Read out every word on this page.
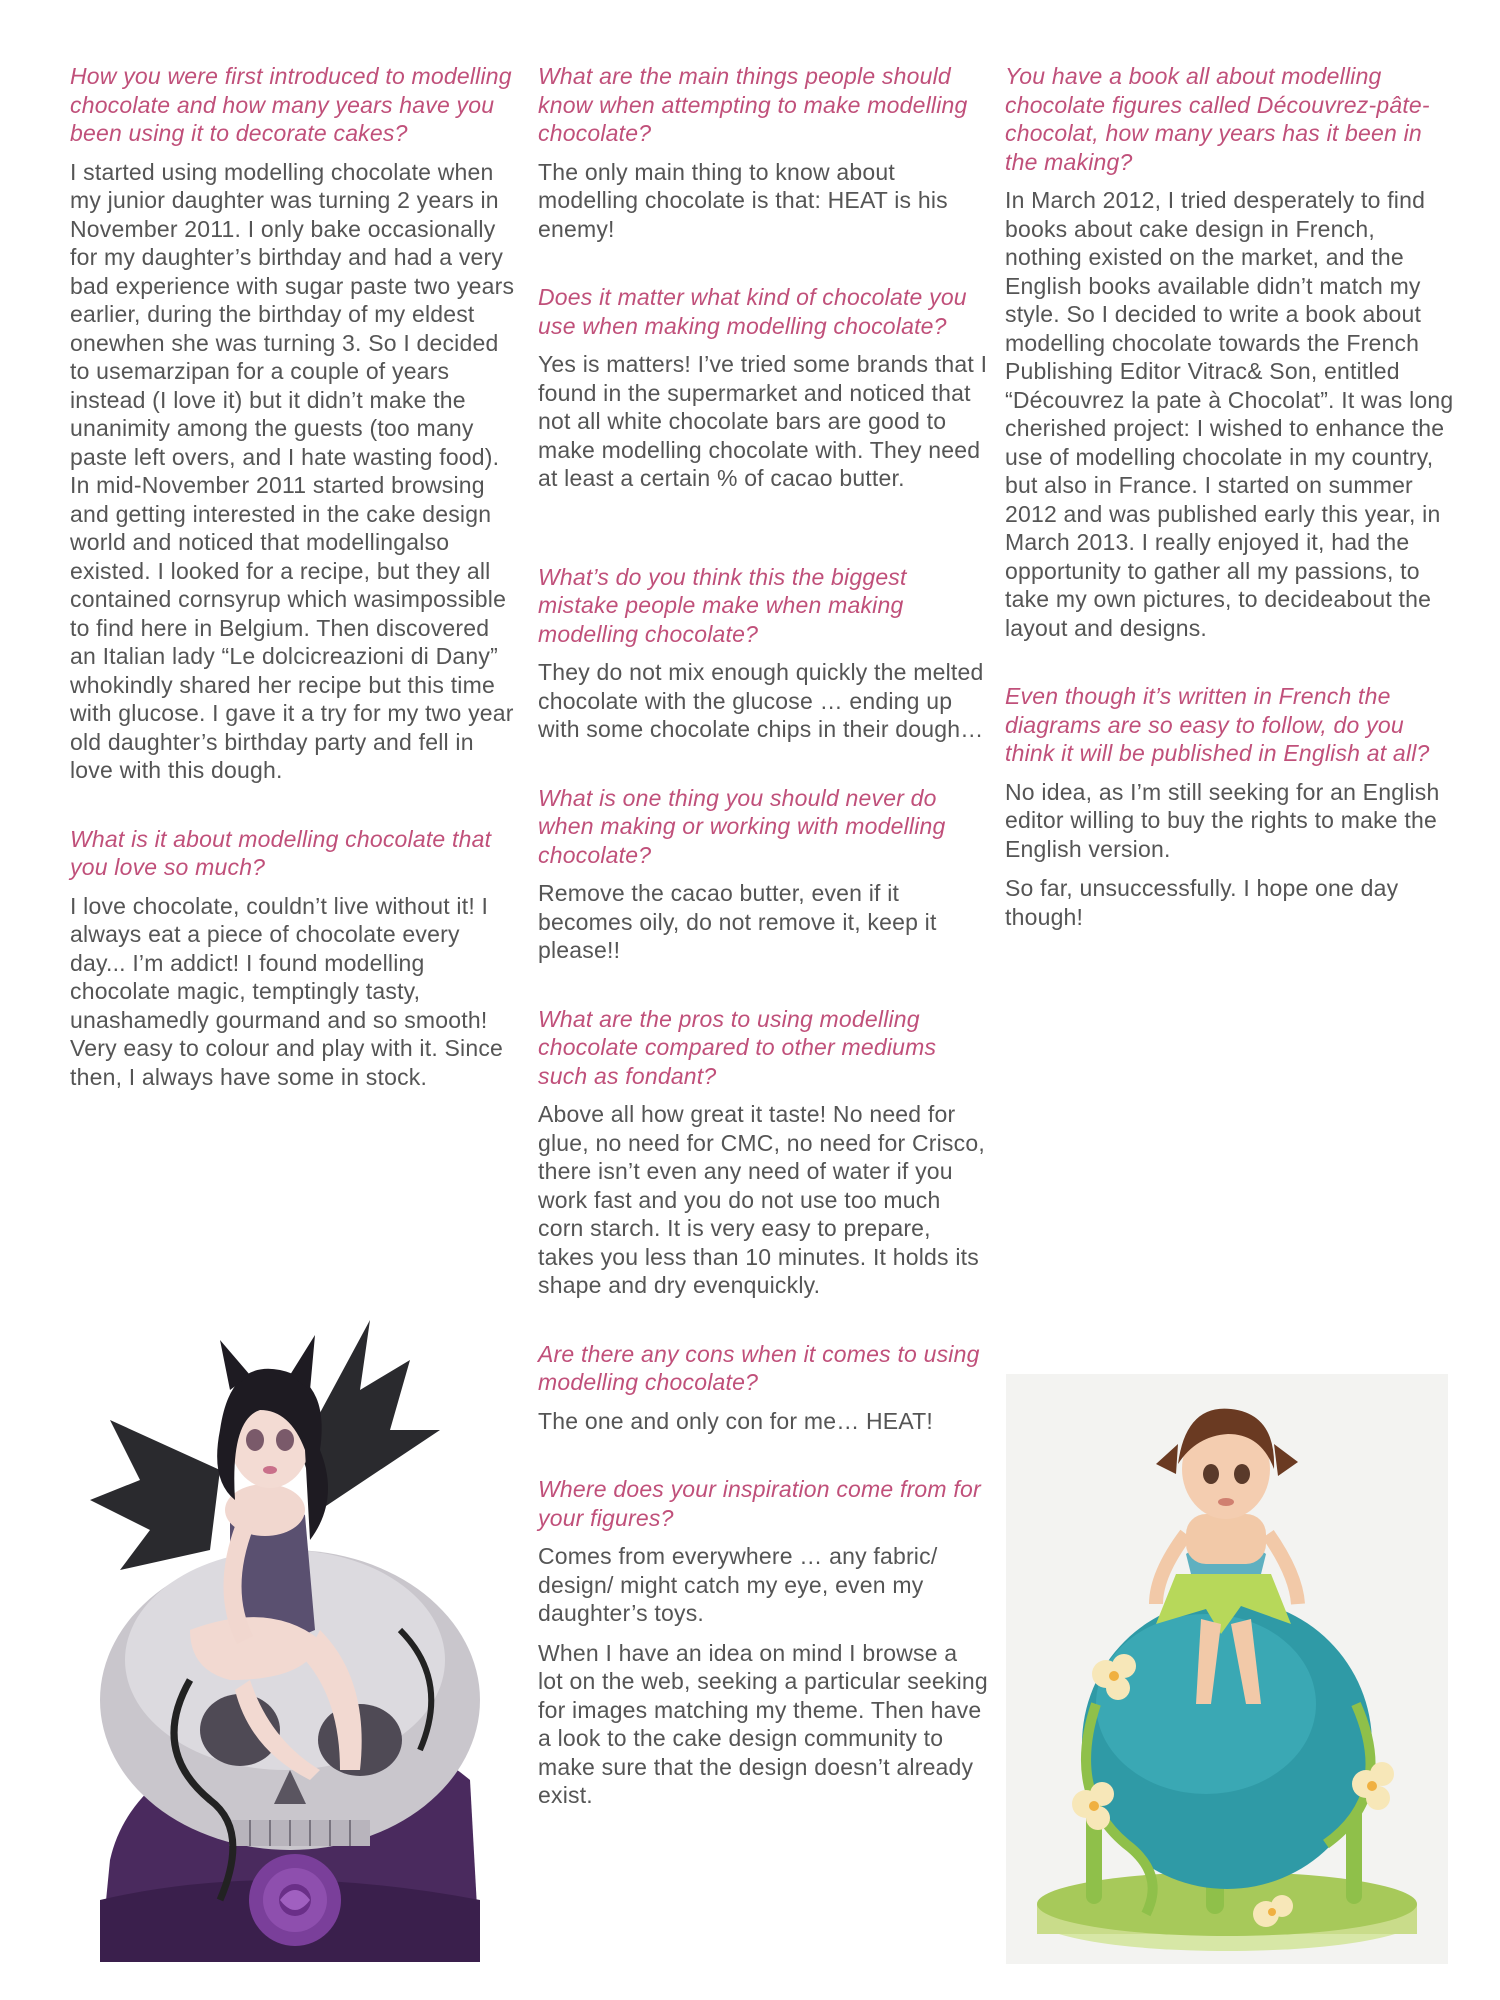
How you were first introduced to modelling chocolate and how many years have you been using it to decorate cakes?

I started using modelling chocolate when my junior daughter was turning 2 years in November 2011. I only bake occasionally for my daughter’s birthday and had a very bad experience with sugar paste two years earlier, during the birthday of my eldest onewhen she was turning 3. So I decided to usemarzipan for a couple of years instead (I love it) but it didn’t make the unanimity among the guests (too many paste left overs, and I hate wasting food). In mid-November 2011 started browsing and getting interested in the cake design world and noticed that modellingalso existed. I looked for a recipe, but they all contained cornsyrup which wasimpossible to find here in Belgium. Then discovered an Italian lady “Le dolcicreazioni di Dany” whokindly shared her recipe but this time with glucose. I gave it a try for my two year old daughter’s birthday party and fell in love with this dough.

What is it about modelling chocolate that you love so much?

I love chocolate, couldn’t live without it! I always eat a piece of chocolate every day... I’m addict! I found modelling chocolate magic, temptingly tasty, unashamedly gourmand and so smooth! Very easy to colour and play with it. Since then, I always have some in stock.

What are the main things people should know when attempting to make modelling chocolate?

The only main thing to know about modelling chocolate is that: HEAT is his enemy!

Does it matter what kind of chocolate you use when making modelling chocolate?

Yes is matters! I’ve tried some brands that I found in the supermarket and noticed that not all white chocolate bars are good to make modelling chocolate with. They need at least a certain % of cacao butter.

What’s do you think this the biggest mistake people make when making modelling chocolate?

They do not mix enough quickly the melted chocolate with the glucose … ending up with some chocolate chips in their dough…

What is one thing you should never do when making or working with modelling chocolate?

Remove the cacao butter, even if it becomes oily, do not remove it, keep it please!!

What are the pros to using modelling chocolate compared to other mediums such as fondant?

Above all how great it taste! No need for glue, no need for CMC, no need for Crisco, there isn’t even any need of water if you work fast and you do not use too much corn starch. It is very easy to prepare, takes you less than 10 minutes. It holds its shape and dry evenquickly.

Are there any cons when it comes to using modelling chocolate?

The one and only con for me… HEAT!

Where does your inspiration come from for your figures?

Comes from everywhere … any fabric/ design/ might catch my eye, even my daughter’s toys.

When I have an idea on mind I browse a lot on the web, seeking a particular seeking for images matching my theme. Then have a look to the cake design community to make sure that the design doesn’t already exist.

You have a book all about modelling chocolate figures called Découvrez-pâte-chocolat, how many years has it been in the making?

In March 2012, I tried desperately to find books about cake design in French, nothing existed on the market, and the English books available didn’t match my style. So I decided to write a book about modelling chocolate towards the French Publishing Editor Vitrac& Son, entitled “Découvrez la pate à Chocolat”. It was long cherished project: I wished to enhance the use of modelling chocolate in my country, but also in France. I started on summer 2012 and was published early this year, in March 2013. I really enjoyed it, had the opportunity to gather all my passions, to take my own pictures, to decideabout the layout and designs.

Even though it’s written in French the diagrams are so easy to follow, do you think it will be published in English at all?

No idea, as I’m still seeking for an English editor willing to buy the rights to make the English version.

So far, unsuccessfully. I hope one day though!
